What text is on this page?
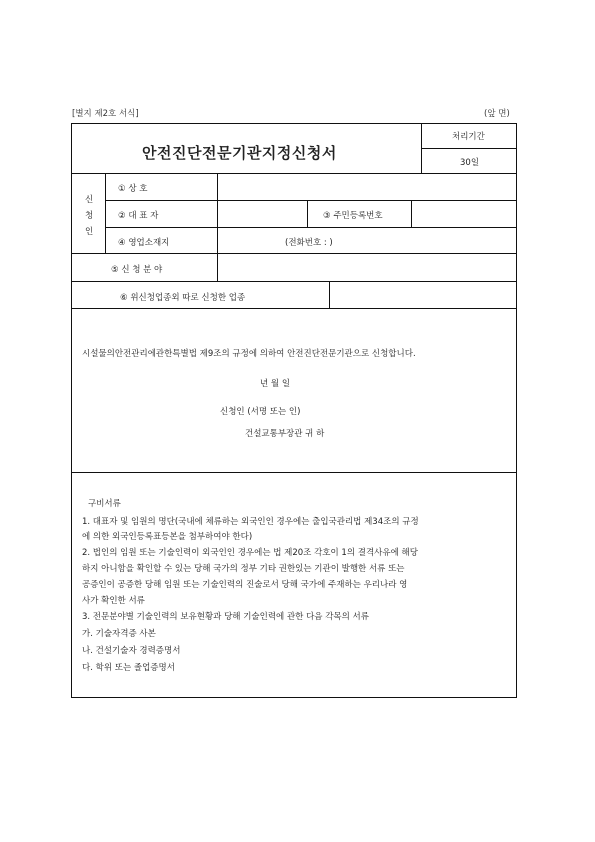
[별지 제2호 서식]	(앞 면)
안전진단전문기관지정신청서
처리기간
30일
신
청
인
① 상 호
② 대 표 자	③ 주민등록번호
④ 영업소재지	(전화번호 : )
⑤ 신 청 분 야
⑥ 위신청업종외 따로 신청한 업종
시설물의안전관리에관한특별법 제9조의 규정에 의하여 안전진단전문기관으로 신청합니다.
년 월 일
신청인 (서명 또는 인)
건설교통부장관 귀 하
구비서류
1. 대표자 및 임원의 명단(국내에 체류하는 외국인인 경우에는 출입국관리법 제34조의 규정
에 의한 외국인등록표등본을 첨부하여야 한다)
2. 법인의 임원 또는 기술인력이 외국인인 경우에는 법 제20조 각호이 1의 결격사유에 해당
하지 아니함을 확인할 수 있는 당해 국가의 정부 기타 권한있는 기관이 발행한 서류 또는
공증인이 공증한 당해 임원 또는 기술인력의 진술로서 당해 국가에 주재하는 우리나라 영
사가 확인한 서류
3. 전문분야별 기술인력의 보유현황과 당해 기술인력에 관한 다음 각목의 서류
가. 기술자격증 사본
나. 건설기술자 경력증명서
다. 학위 또는 졸업증명서
